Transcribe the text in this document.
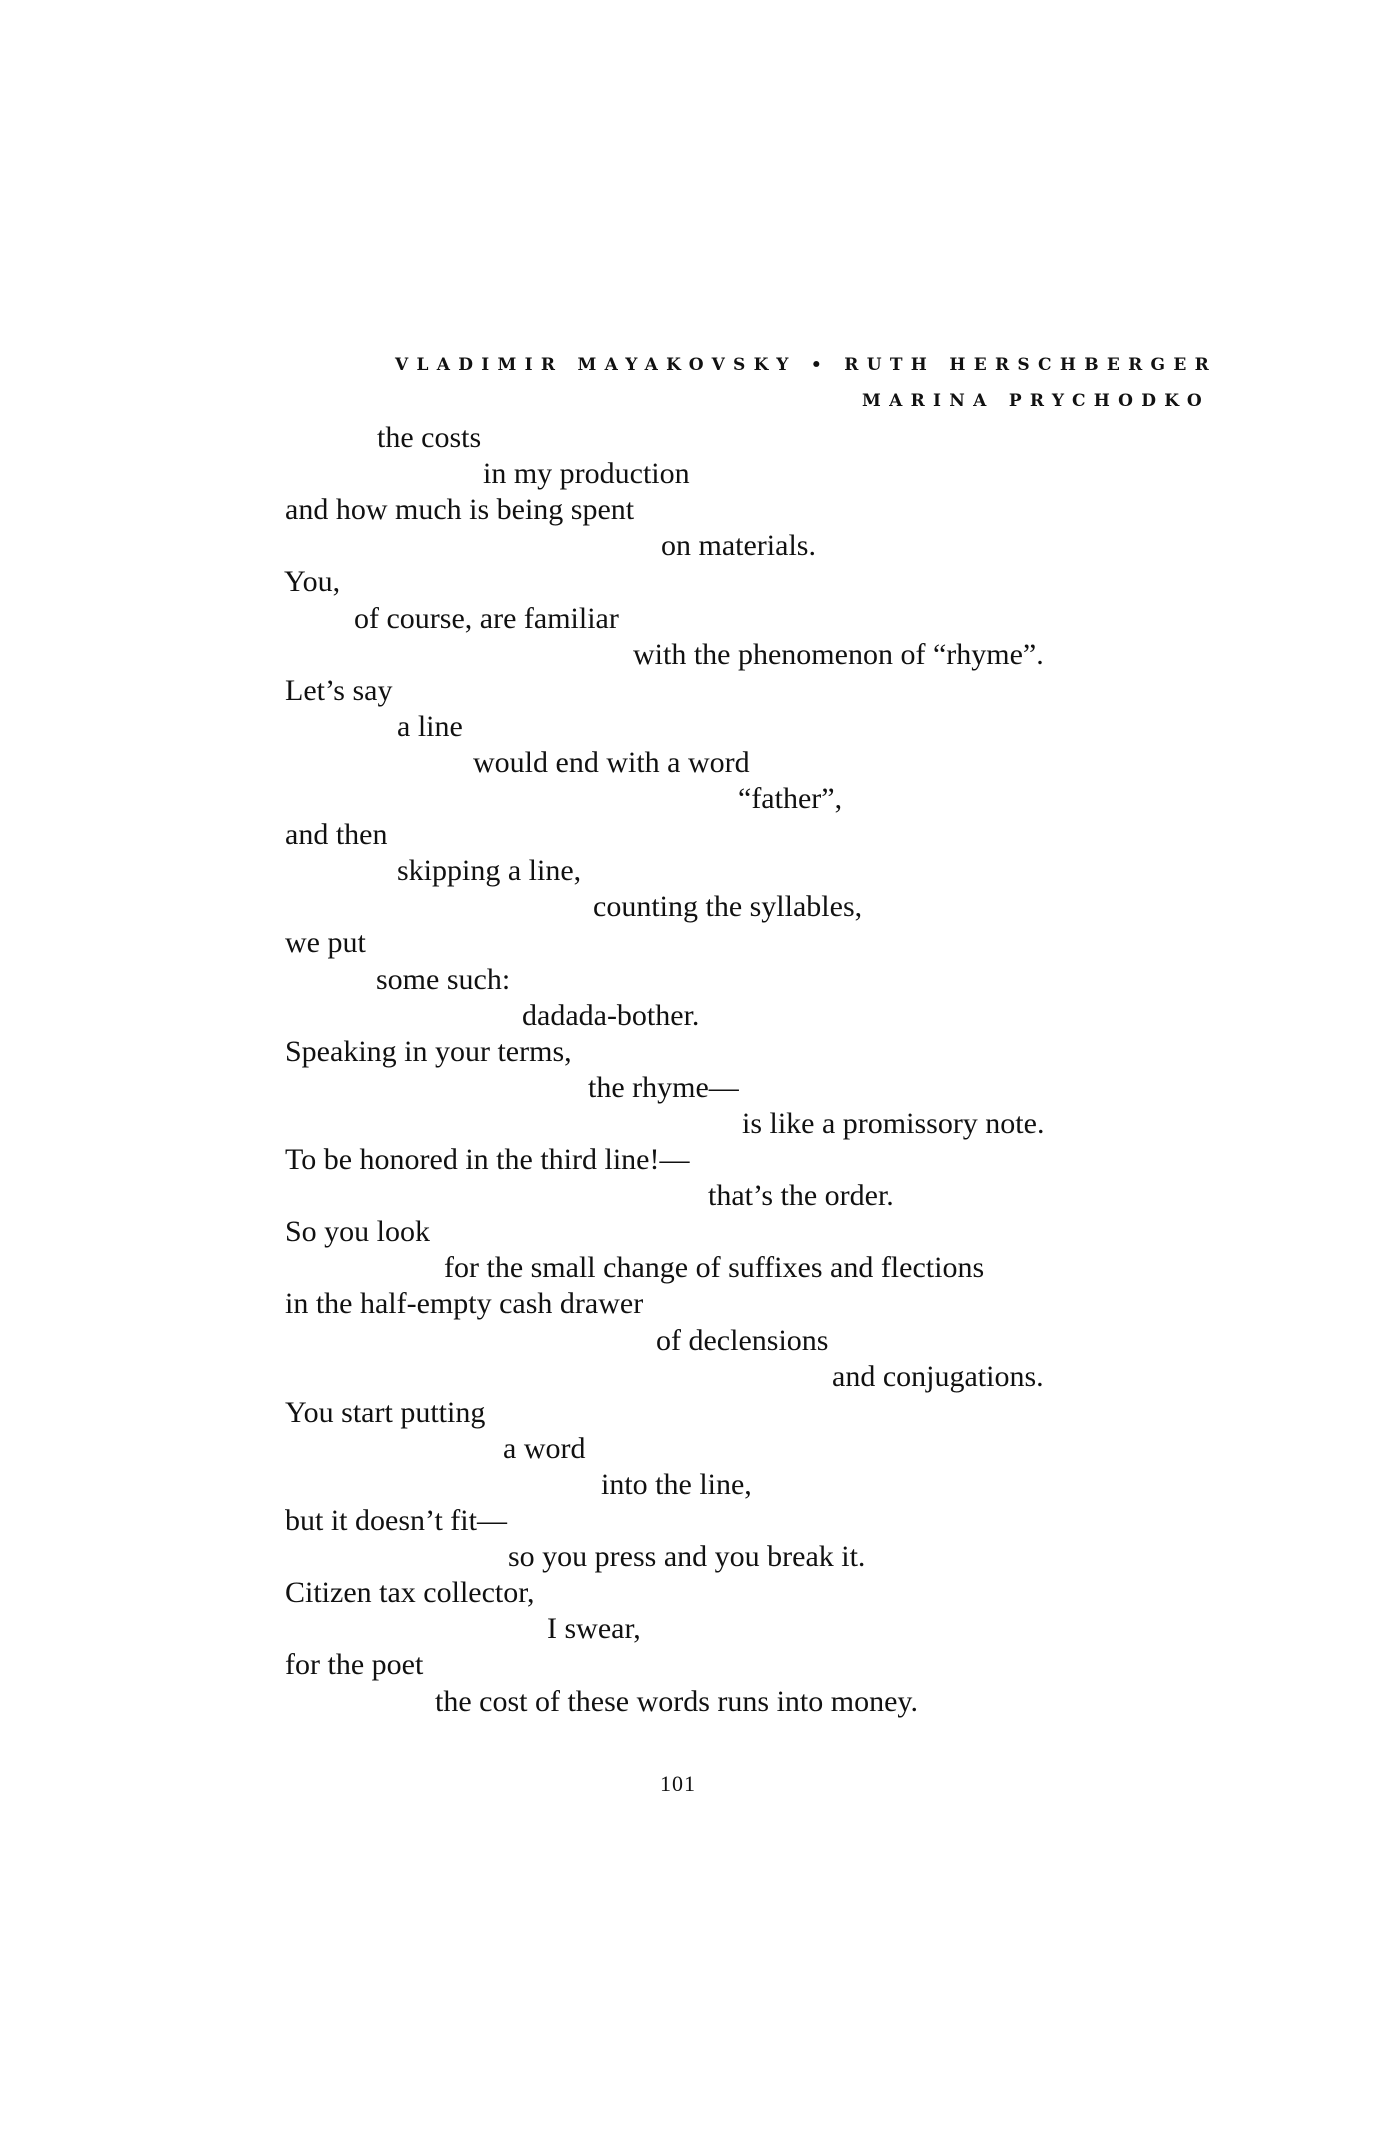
VLADIMIR MAYAKOVSKY • RUTH HERSCHBERGER
MARINA PRYCHODKO
the costs
in my production
and how much is being spent
on materials.
You,
of course, are familiar
with the phenomenon of “rhyme”.
Let’s say
a line
would end with a word
“father”,
and then
skipping a line,
counting the syllables,
we put
some such:
dadada-bother.
Speaking in your terms,
the rhyme—
is like a promissory note.
To be honored in the third line!—
that’s the order.
So you look
for the small change of suffixes and flections
in the half-empty cash drawer
of declensions
and conjugations.
You start putting
a word
into the line,
but it doesn’t fit—
so you press and you break it.
Citizen tax collector,
I swear,
for the poet
the cost of these words runs into money.
101
